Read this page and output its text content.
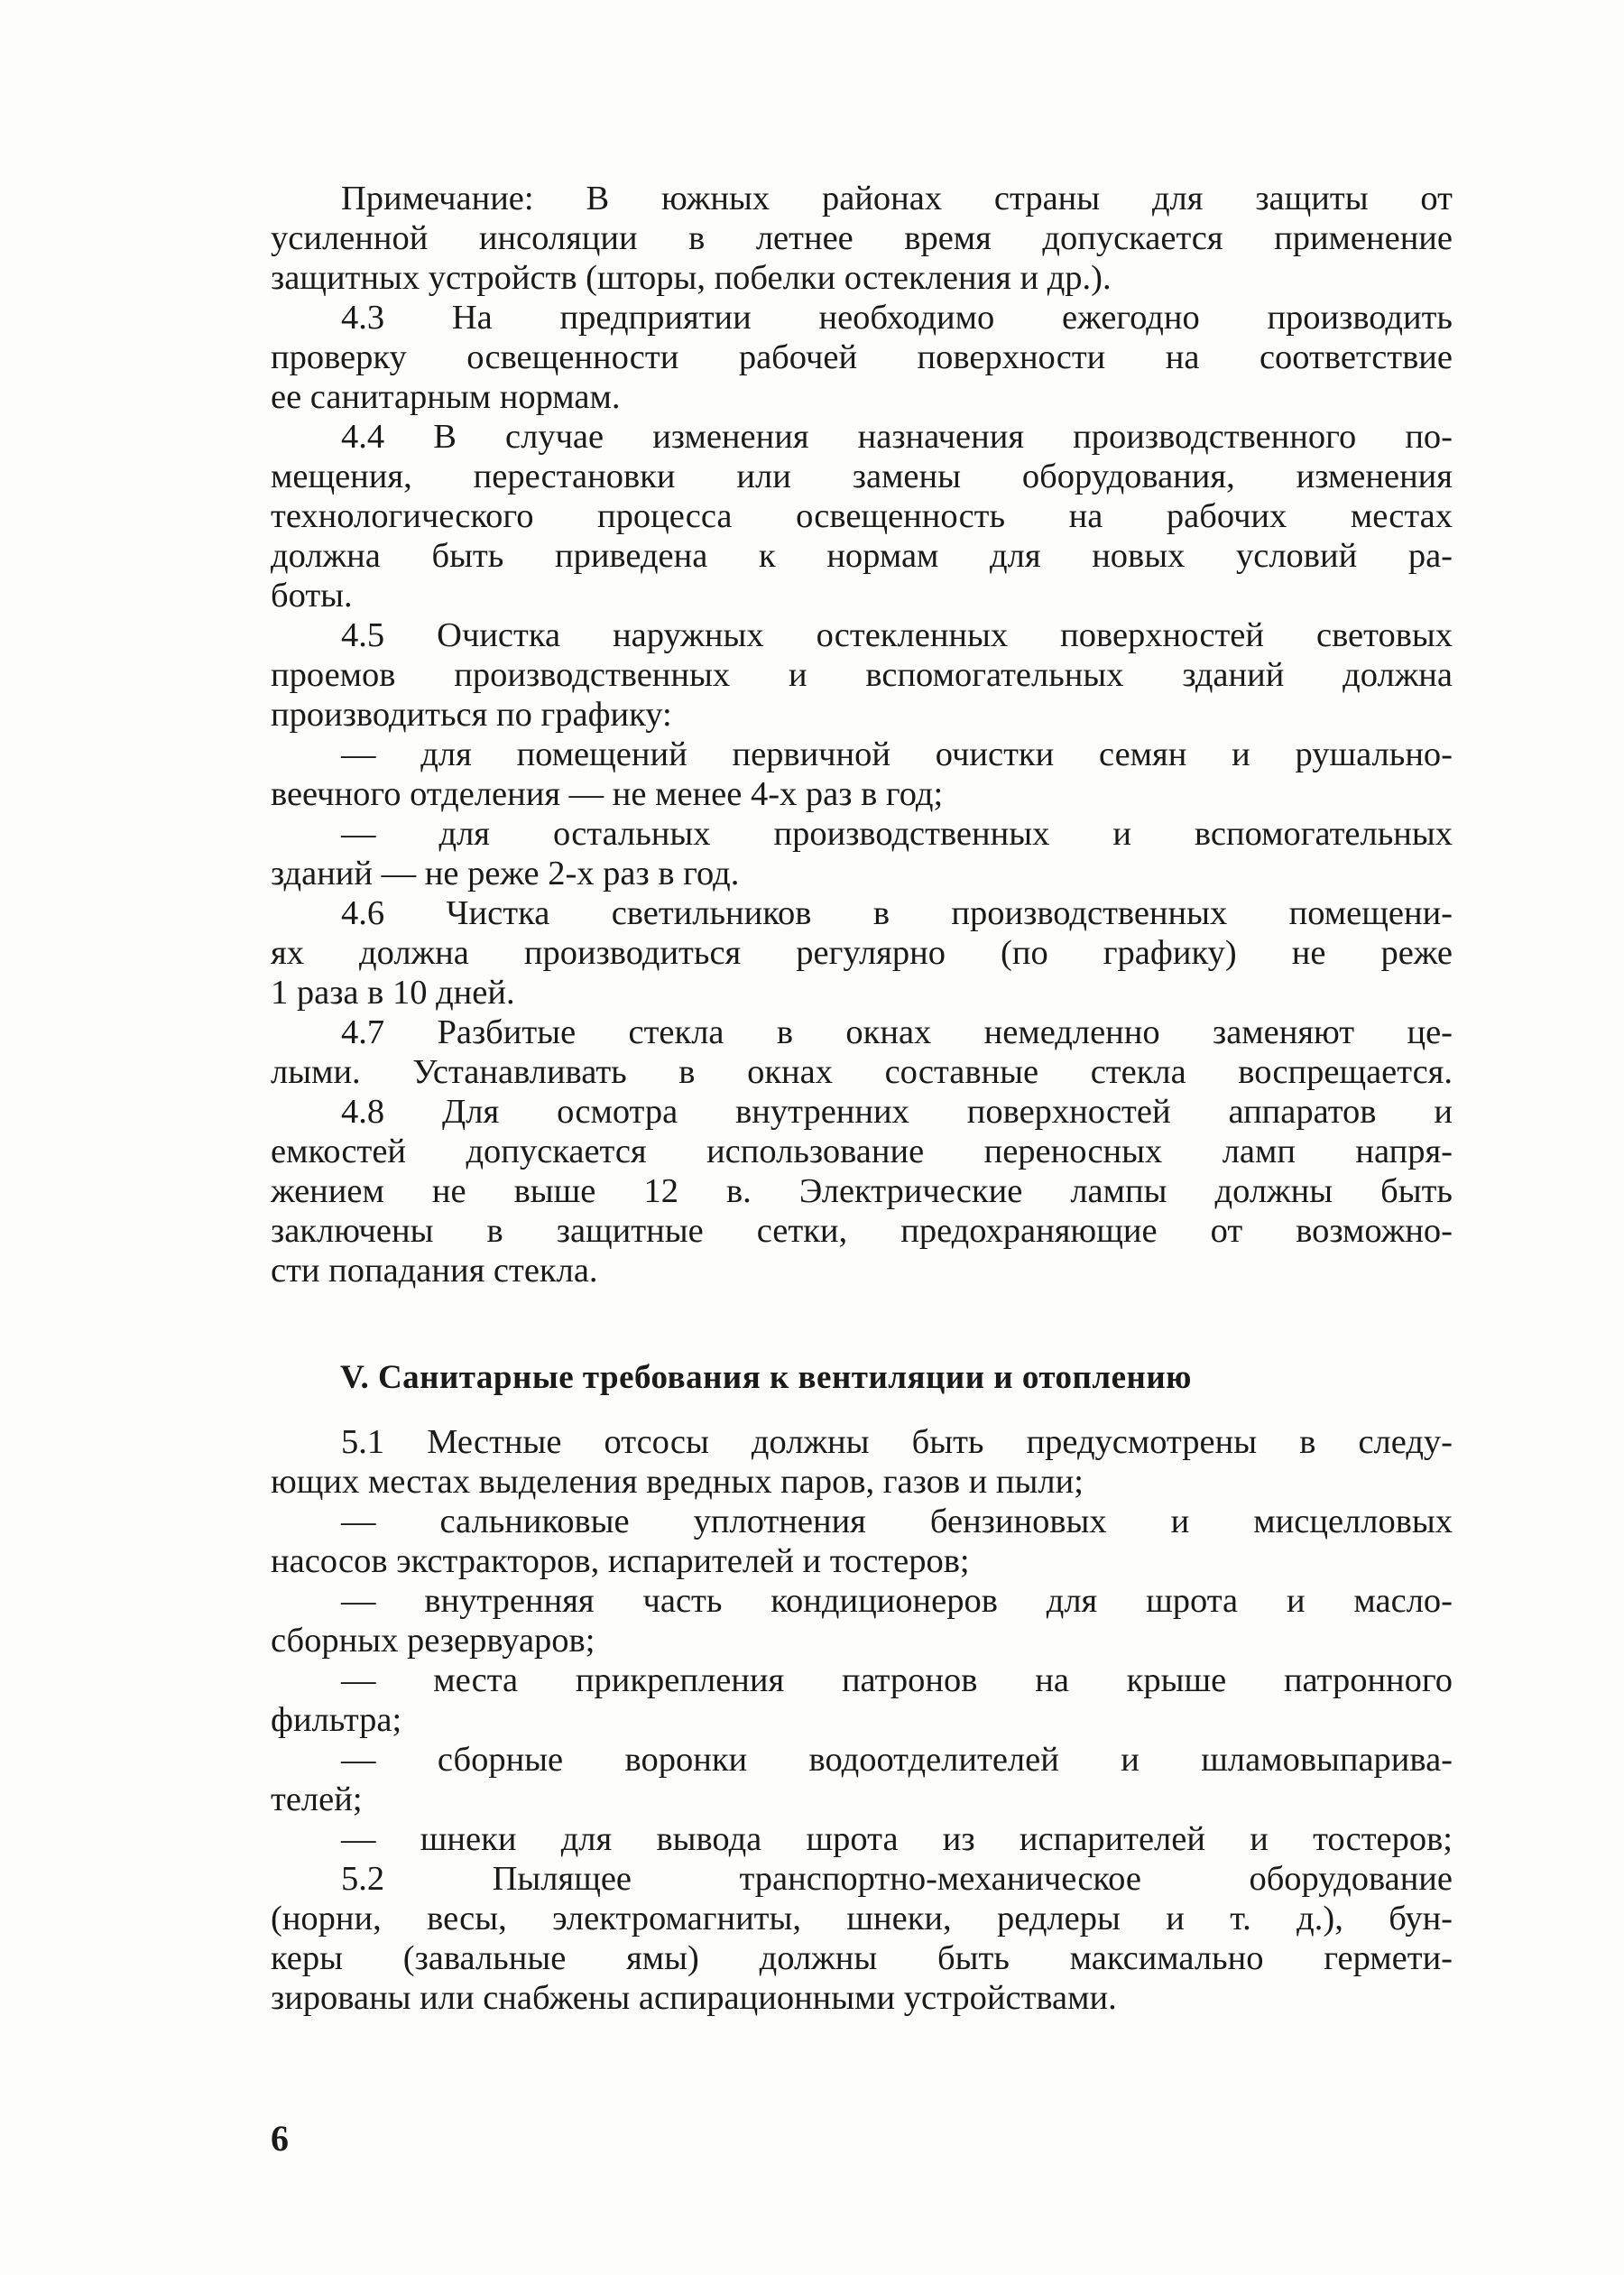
Примечание: В южных районах страны для защиты от
усиленной инсоляции в летнее время допускается применение
защитных устройств (шторы, побелки остекления и др.).
4.3 На предприятии необходимо ежегодно производить
проверку освещенности рабочей поверхности на соответствие
ее санитарным нормам.
4.4 В случае изменения назначения производственного по-
мещения, перестановки или замены оборудования, изменения
технологического процесса освещенность на рабочих местах
должна быть приведена к нормам для новых условий ра-
боты.
4.5 Очистка наружных остекленных поверхностей световых
проемов производственных и вспомогательных зданий должна
производиться по графику:
— для помещений первичной очистки семян и рушально-
веечного отделения — не менее 4-х раз в год;
— для остальных производственных и вспомогательных
зданий — не реже 2-х раз в год.
4.6 Чистка светильников в производственных помещени-
ях должна производиться регулярно (по графику) не реже
1 раза в 10 дней.
4.7 Разбитые стекла в окнах немедленно заменяют це-
лыми. Устанавливать в окнах составные стекла воспрещается.
4.8 Для осмотра внутренних поверхностей аппаратов и
емкостей допускается использование переносных ламп напря-
жением не выше 12 в. Электрические лампы должны быть
заключены в защитные сетки, предохраняющие от возможно-
сти попадания стекла.
V. Санитарные требования к вентиляции и отоплению
5.1 Местные отсосы должны быть предусмотрены в следу-
ющих местах выделения вредных паров, газов и пыли;
— сальниковые уплотнения бензиновых и мисцелловых
насосов экстракторов, испарителей и тостеров;
— внутренняя часть кондиционеров для шрота и масло-
сборных резервуаров;
— места прикрепления патронов на крыше патронного
фильтра;
— сборные воронки водоотделителей и шламовыпарива-
телей;
— шнеки для вывода шрота из испарителей и тостеров;
5.2 Пылящее транспортно-механическое оборудование
(норни, весы, электромагниты, шнеки, редлеры и т. д.), бун-
керы (завальные ямы) должны быть максимально гермети-
зированы или снабжены аспирационными устройствами.
6
